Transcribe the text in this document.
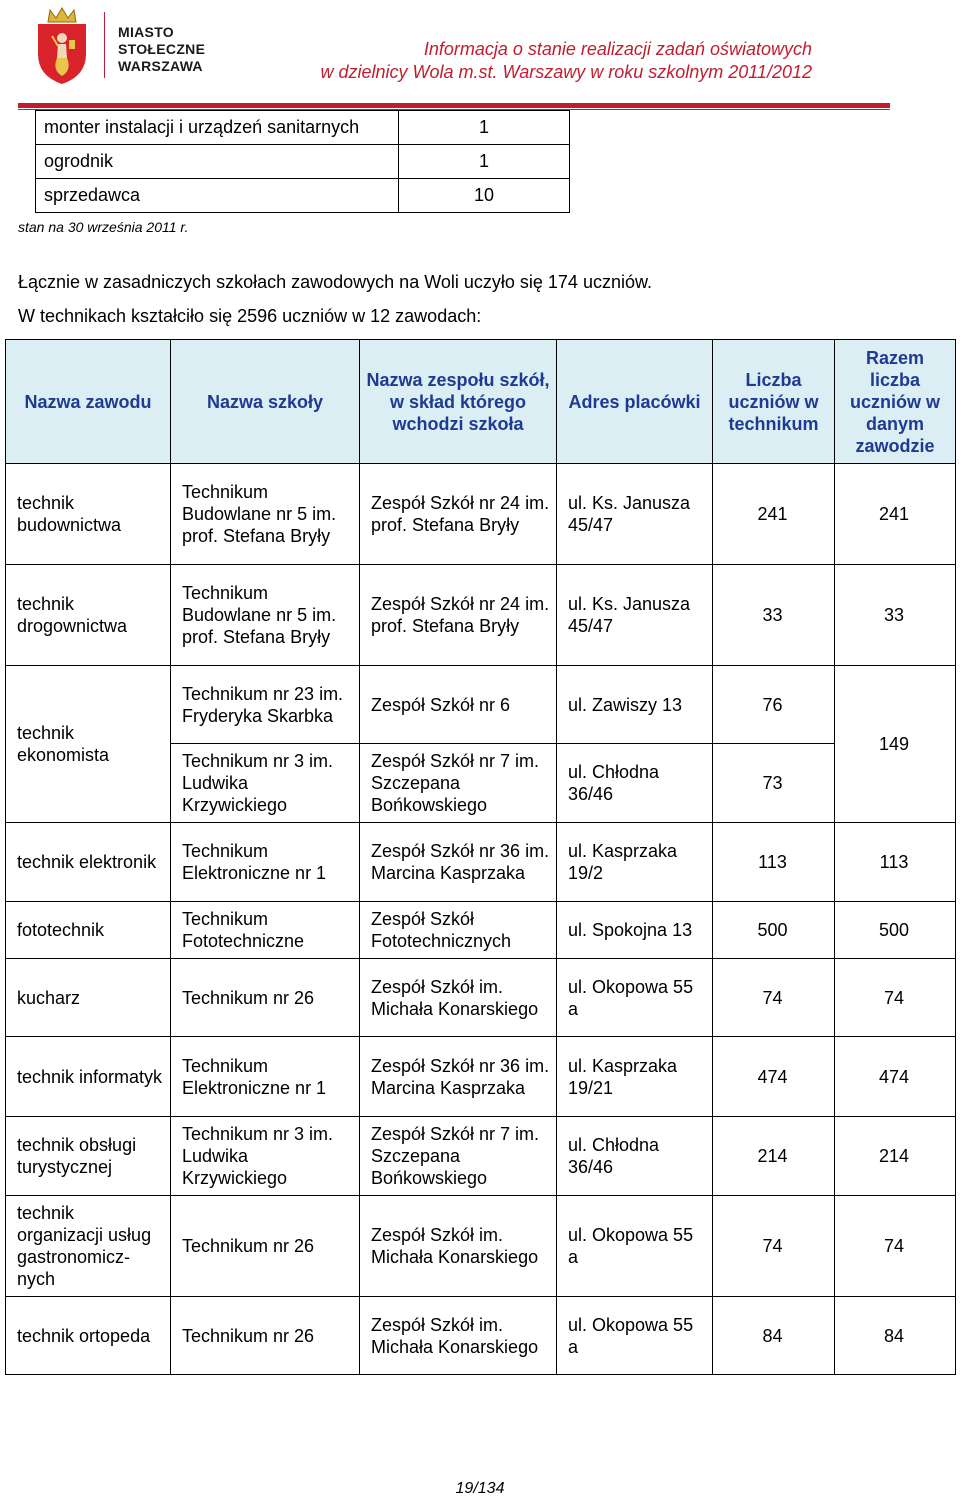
MIASTO
STOŁECZNE
WARSZAWA
Informacja o stanie realizacji zadań oświatowych
w dzielnicy Wola m.st. Warszawy w roku szkolnym 2011/2012
monter instalacji i urządzeń sanitarnych	1
ogrodnik	1
sprzedawca	10
stan na 30 września 2011 r.
Łącznie w zasadniczych szkołach zawodowych na Woli uczyło się 174 uczniów.
W technikach kształciło się 2596 uczniów w 12 zawodach:
Nazwa zawodu	Nazwa szkoły	Nazwa zespołu szkół, w skład którego wchodzi szkoła	Adres placówki	Liczba uczniów w technikum	Razem liczba uczniów w danym zawodzie
technik budownictwa	Technikum Budowlane nr 5 im. prof. Stefana Bryły	Zespół Szkół nr 24 im. prof. Stefana Bryły	ul. Ks. Janusza 45/47	241	241
technik drogownictwa	Technikum Budowlane nr 5 im. prof. Stefana Bryły	Zespół Szkół nr 24 im. prof. Stefana Bryły	ul. Ks. Janusza 45/47	33	33
technik ekonomista	Technikum nr 23 im. Fryderyka Skarbka	Zespół Szkół nr 6	ul. Zawiszy 13	76	149
	Technikum nr 3 im. Ludwika Krzywickiego	Zespół Szkół nr 7 im. Szczepana Bońkowskiego	ul. Chłodna 36/46	73	
technik elektronik	Technikum Elektroniczne nr 1	Zespół Szkół nr 36 im. Marcina Kasprzaka	ul. Kasprzaka 19/2	113	113
fototechnik	Technikum Fototechniczne	Zespół Szkół Fototechnicznych	ul. Spokojna 13	500	500
kucharz	Technikum nr 26	Zespół Szkół im. Michała Konarskiego	ul. Okopowa 55 a	74	74
technik informatyk	Technikum Elektroniczne nr 1	Zespół Szkół nr 36 im. Marcina Kasprzaka	ul. Kasprzaka 19/21	474	474
technik obsługi turystycznej	Technikum nr 3 im. Ludwika Krzywickiego	Zespół Szkół nr 7 im. Szczepana Bońkowskiego	ul. Chłodna 36/46	214	214
technik organizacji usług gastronomicz-nych	Technikum nr 26	Zespół Szkół im. Michała Konarskiego	ul. Okopowa 55 a	74	74
technik ortopeda	Technikum nr 26	Zespół Szkół im. Michała Konarskiego	ul. Okopowa 55 a	84	84
19/134
